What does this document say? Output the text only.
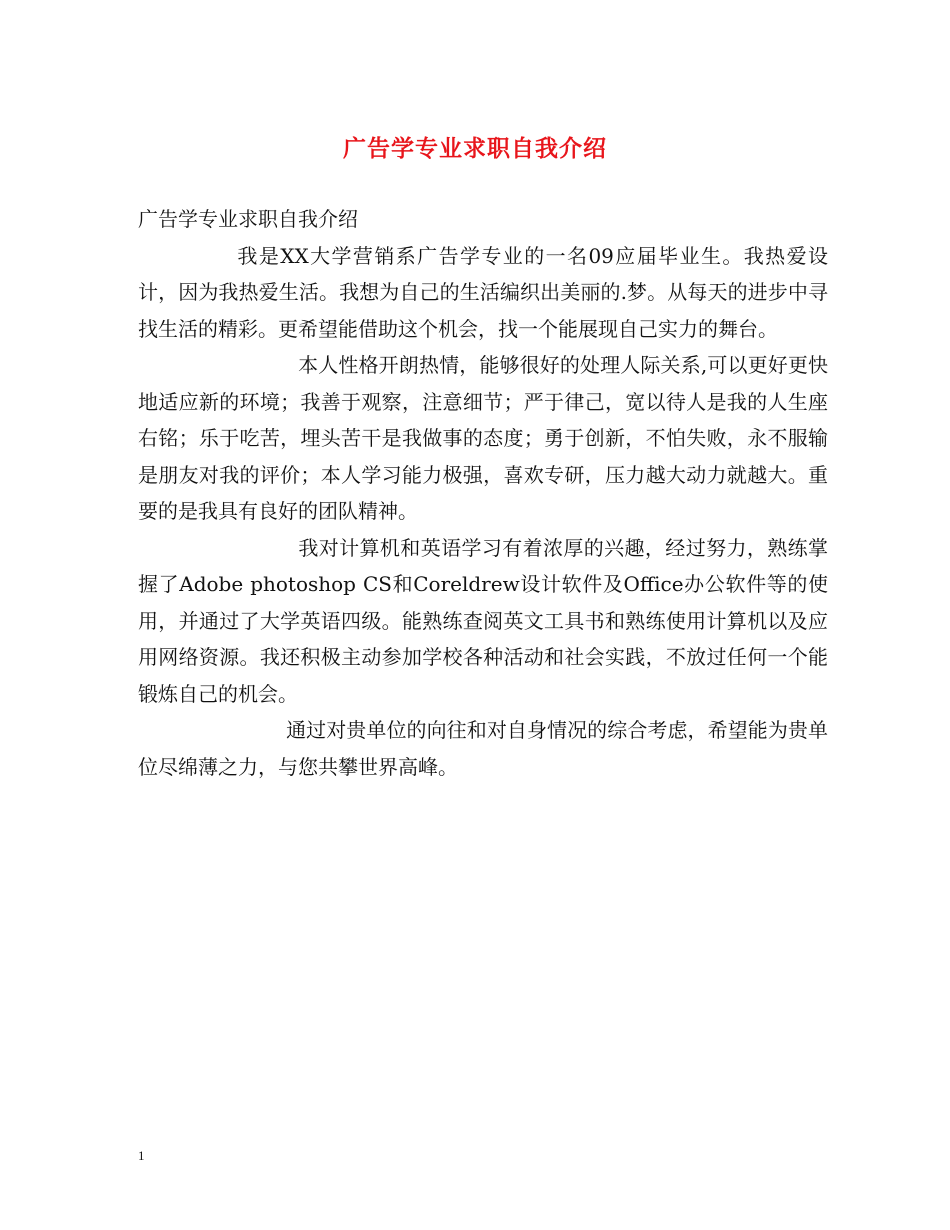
广告学专业求职自我介绍

广告学专业求职自我介绍

我是XX大学营销系广告学专业的一名09应届毕业生。我热爱设计，因为我热爱生活。我想为自己的生活编织出美丽的.梦。从每天的进步中寻找生活的精彩。更希望能借助这个机会，找一个能展现自己实力的舞台。

本人性格开朗热情，能够很好的处理人际关系,可以更好更快地适应新的环境；我善于观察，注意细节；严于律己，宽以待人是我的人生座右铭；乐于吃苦，埋头苦干是我做事的态度；勇于创新，不怕失败，永不服输是朋友对我的评价；本人学习能力极强，喜欢专研，压力越大动力就越大。重要的是我具有良好的团队精神。

我对计算机和英语学习有着浓厚的兴趣，经过努力，熟练掌握了Adobe photoshop CS和Coreldrew设计软件及Office办公软件等的使用，并通过了大学英语四级。能熟练查阅英文工具书和熟练使用计算机以及应用网络资源。我还积极主动参加学校各种活动和社会实践，不放过任何一个能锻炼自己的机会。

通过对贵单位的向往和对自身情况的综合考虑，希望能为贵单位尽绵薄之力，与您共攀世界高峰。

1
